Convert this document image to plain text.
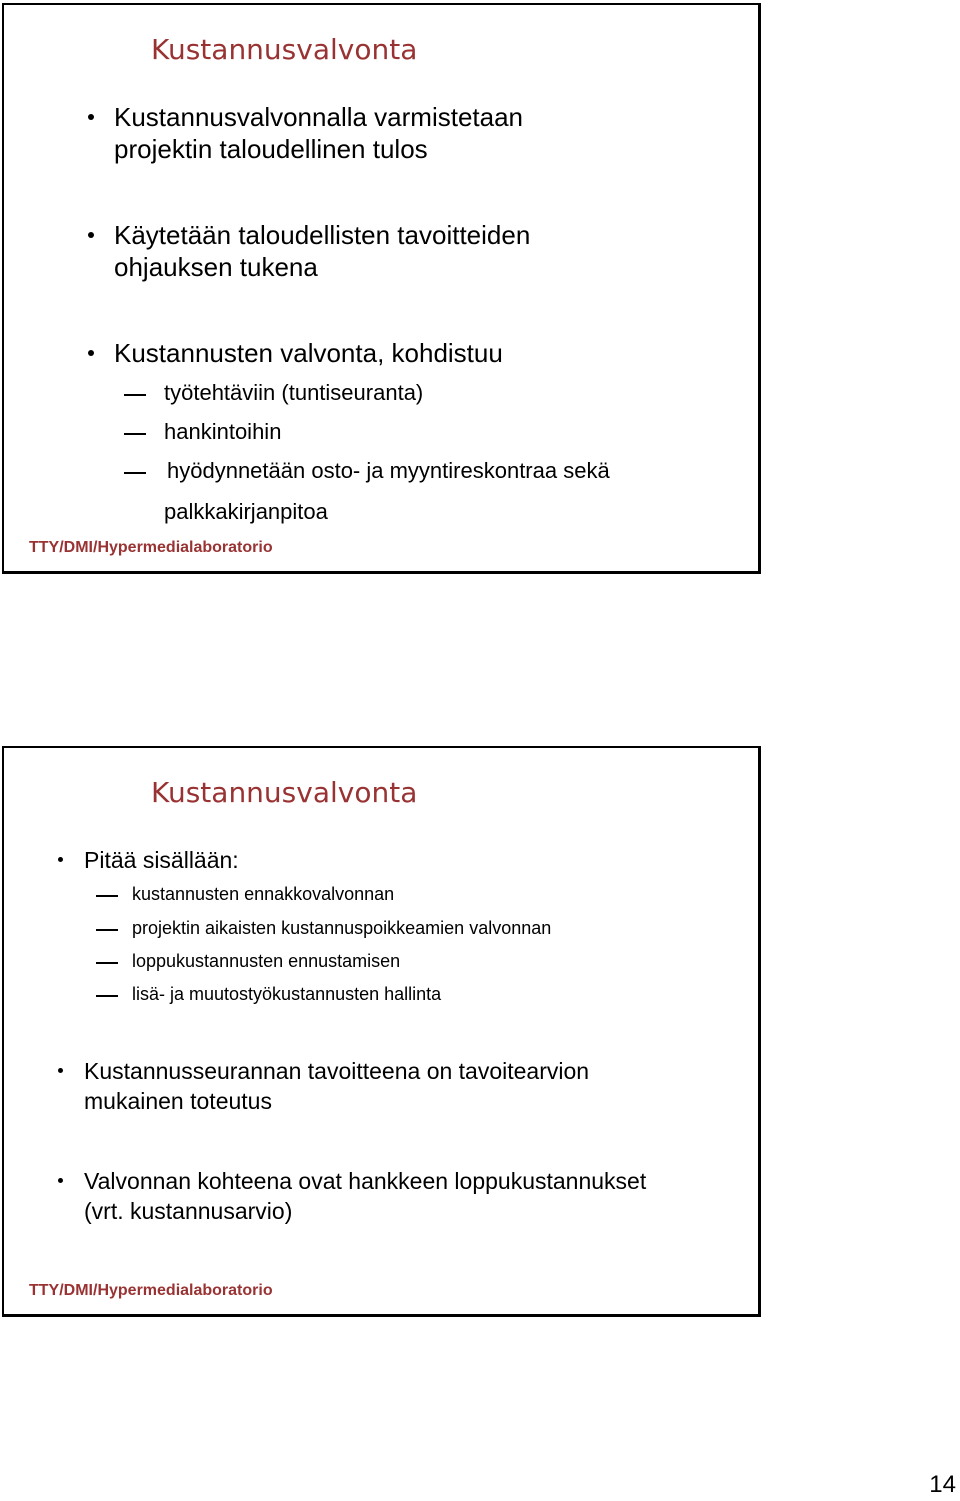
Kustannusvalvonta
Kustannusvalvonnalla varmistetaan
projektin taloudellinen tulos
Käytetään taloudellisten tavoitteiden
ohjauksen tukena
Kustannusten valvonta, kohdistuu
työtehtäviin (tuntiseuranta)
hankintoihin
hyödynnetään osto- ja myyntireskontraa sekä
palkkakirjanpitoa
TTY/DMI/Hypermedialaboratorio
Kustannusvalvonta
Pitää sisällään:
kustannusten ennakkovalvonnan
projektin aikaisten kustannuspoikkeamien valvonnan
loppukustannusten ennustamisen
lisä- ja muutostyökustannusten hallinta
Kustannusseurannan tavoitteena on tavoitearvion
mukainen toteutus
Valvonnan kohteena ovat hankkeen loppukustannukset
(vrt. kustannusarvio)
TTY/DMI/Hypermedialaboratorio
14
